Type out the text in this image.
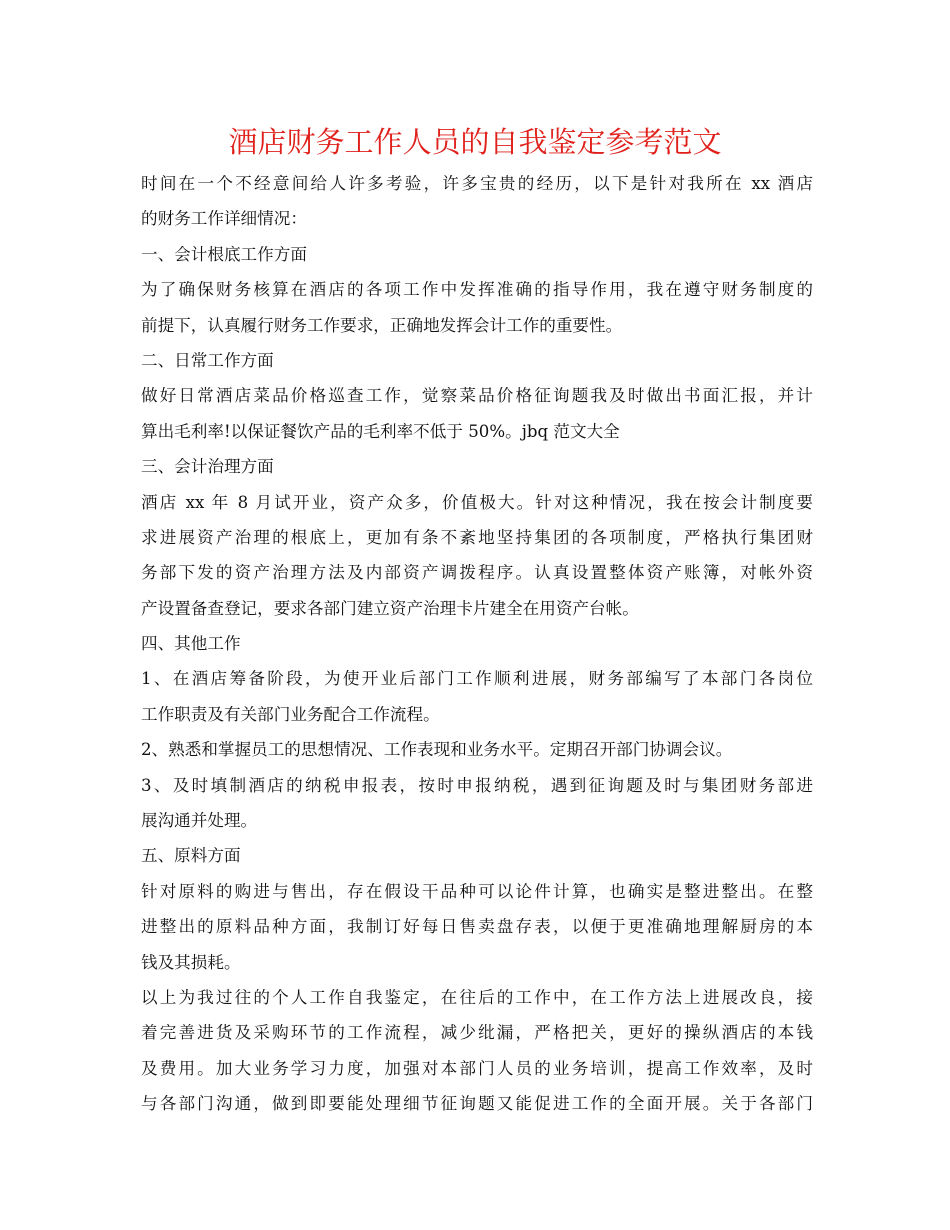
酒店财务工作人员的自我鉴定参考范文
时间在一个不经意间给人许多考验，许多宝贵的经历，以下是针对我所在 xx 酒店
的财务工作详细情况：
一、会计根底工作方面
为了确保财务核算在酒店的各项工作中发挥准确的指导作用，我在遵守财务制度的
前提下，认真履行财务工作要求，正确地发挥会计工作的重要性。
二、日常工作方面
做好日常酒店菜品价格巡查工作，觉察菜品价格征询题我及时做出书面汇报，并计
算出毛利率!以保证餐饮产品的毛利率不低于 50%。jbq 范文大全
三、会计治理方面
酒店 xx 年 8 月试开业，资产众多，价值极大。针对这种情况，我在按会计制度要
求进展资产治理的根底上，更加有条不紊地坚持集团的各项制度，严格执行集团财
务部下发的资产治理方法及内部资产调拨程序。认真设置整体资产账簿，对帐外资
产设置备查登记，要求各部门建立资产治理卡片建全在用资产台帐。
四、其他工作
1、在酒店筹备阶段，为使开业后部门工作顺利进展，财务部编写了本部门各岗位
工作职责及有关部门业务配合工作流程。
2、熟悉和掌握员工的思想情况、工作表现和业务水平。定期召开部门协调会议。
3、及时填制酒店的纳税申报表，按时申报纳税，遇到征询题及时与集团财务部进
展沟通并处理。
五、原料方面
针对原料的购进与售出，存在假设干品种可以论件计算，也确实是整进整出。在整
进整出的原料品种方面，我制订好每日售卖盘存表，以便于更准确地理解厨房的本
钱及其损耗。
以上为我过往的个人工作自我鉴定，在往后的工作中，在工作方法上进展改良，接
着完善进货及采购环节的工作流程，减少纰漏，严格把关，更好的操纵酒店的本钱
及费用。加大业务学习力度，加强对本部门人员的业务培训，提高工作效率，及时
与各部门沟通，做到即要能处理细节征询题又能促进工作的全面开展。关于各部门
